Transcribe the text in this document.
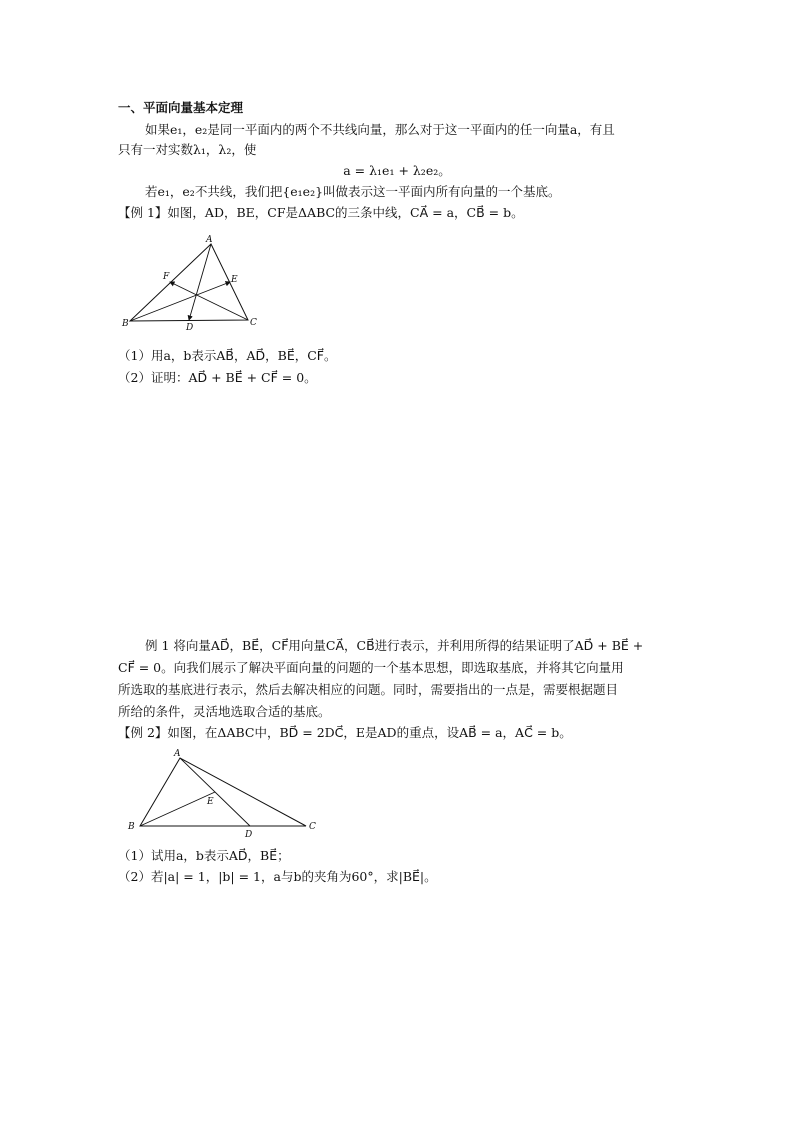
一、平面向量基本定理
如果e₁，e₂是同一平面内的两个不共线向量，那么对于这一平面内的任一向量a，有且
只有一对实数λ₁，λ₂，使
a = λ₁e₁ + λ₂e₂。
若e₁，e₂不共线，我们把{e₁e₂}叫做表示这一平面内所有向量的一个基底。
【例 1】如图，AD，BE，CF是ΔABC的三条中线，CA⃗ = a，CB⃗ = b。
A
B	C
D
E
F
（1）用a，b表示AB⃗，AD⃗，BE⃗，CF⃗。
（2）证明：AD⃗ + BE⃗ + CF⃗ = 0。
例 1 将向量AD⃗，BE⃗，CF⃗用向量CA⃗，CB⃗进行表示，并利用所得的结果证明了AD⃗ + BE⃗ +
CF⃗ = 0。向我们展示了解决平面向量的问题的一个基本思想，即选取基底，并将其它向量用
所选取的基底进行表示，然后去解决相应的问题。同时，需要指出的一点是，需要根据题目
所给的条件，灵活地选取合适的基底。
【例 2】如图，在ΔABC中，BD⃗ = 2DC⃗，E是AD的重点，设AB⃗ = a，AC⃗ = b。
A
B	C
D
E
（1）试用a，b表示AD⃗，BE⃗；
（2）若|a| = 1，|b| = 1，a与b的夹角为60°，求|BE⃗|。
